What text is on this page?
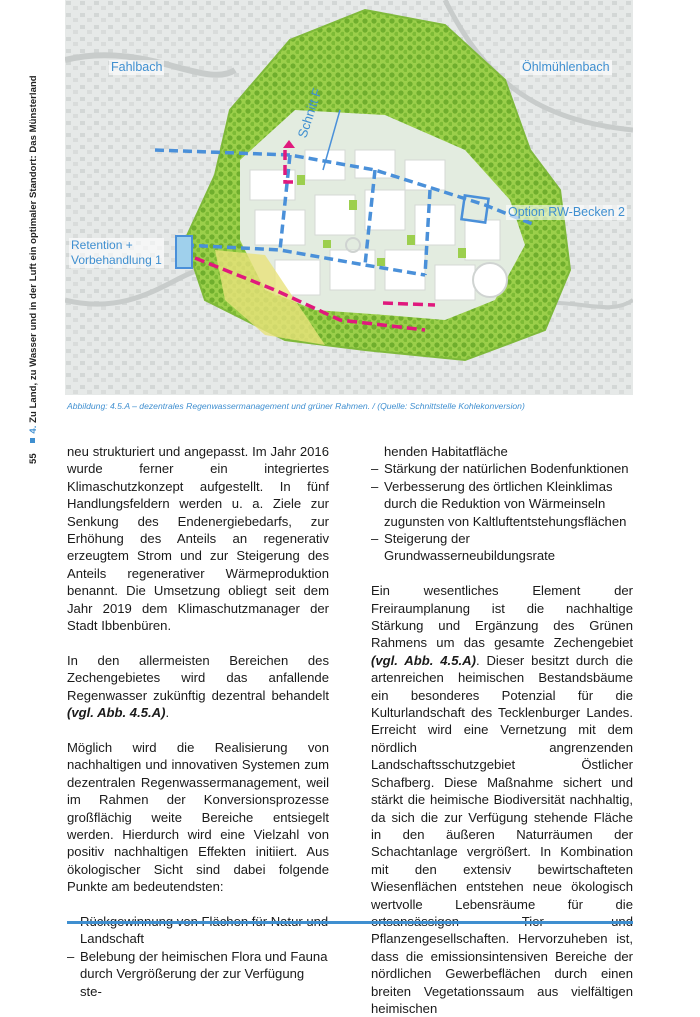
55    4. Zu Land, zu Wasser und in der Luft ein optimaler Standort: Das Münsterland
Fahlbach	Öhlmühlenbach
Schnitt F
Option RW-Becken 2
Retention +
Vorbehandlung 1
Abbildung: 4.5.A – dezentrales Regenwassermanagement und grüner Rahmen. / (Quelle: Schnittstelle Kohlekonversion)

neu strukturiert und angepasst. Im Jahr 2016 wurde ferner ein integriertes Klimaschutzkonzept aufgestellt. In fünf Handlungsfeldern werden u. a. Ziele zur Senkung des Endenergiebedarfs, zur Erhöhung des Anteils an regenerativ erzeugtem Strom und zur Steigerung des Anteils regenerativer Wärmeproduktion benannt. Die Umsetzung obliegt seit dem Jahr 2019 dem Klimaschutzmanager der Stadt Ibbenbüren.

In den allermeisten Bereichen des Zechengebietes wird das anfallende Regenwasser zukünftig dezentral behandelt (vgl. Abb. 4.5.A).

Möglich wird die Realisierung von nachhaltigen und innovativen Systemen zum dezentralen Regenwassermanagement, weil im Rahmen der Konversionsprozesse großflächig weite Bereiche entsiegelt werden. Hierdurch wird eine Vielzahl von positiv nachhaltigen Effekten initiiert. Aus ökologischer Sicht sind dabei folgende Punkte am bedeutendsten:

– Landschaft
– Belebung der heimischen Flora und Fauna durch Vergrößerung der zur Verfügung ste-
henden Habitatfläche
– Stärkung der natürlichen Bodenfunktionen
– Verbesserung des örtlichen Kleinklimas durch die Reduktion von Wärmeinseln zugunsten von Kaltluftentstehungsflächen
– Steigerung der Grundwasserneubildungsrate

Ein wesentliches Element der Freiraumplanung ist die nachhaltige Stärkung und Ergänzung des Grünen Rahmens um das gesamte Zechengebiet (vgl. Abb. 4.5.A). Dieser besitzt durch die artenreichen heimischen Bestandsbäume ein besonderes Potenzial für die Kulturlandschaft des Tecklenburger Landes. Erreicht wird eine Vernetzung mit dem nördlich angrenzenden Landschaftsschutzgebiet Östlicher Schafberg. Diese Maßnahme sichert und stärkt die heimische Biodiversität nachhaltig, da sich die zur Verfügung stehende Fläche in den äußeren Naturräumen der Schachtanlage vergrößert. In Kombination mit den extensiv bewirtschafteten Wiesenflächen entstehen neue ökologisch wertvolle Lebensräume für die Pflanzengesellschaften. Hervorzuheben ist, dass die emissionsintensiven Bereiche der nördlichen Gewerbeflächen durch einen breiten Vegetationssaum aus vielfältigen heimischen
